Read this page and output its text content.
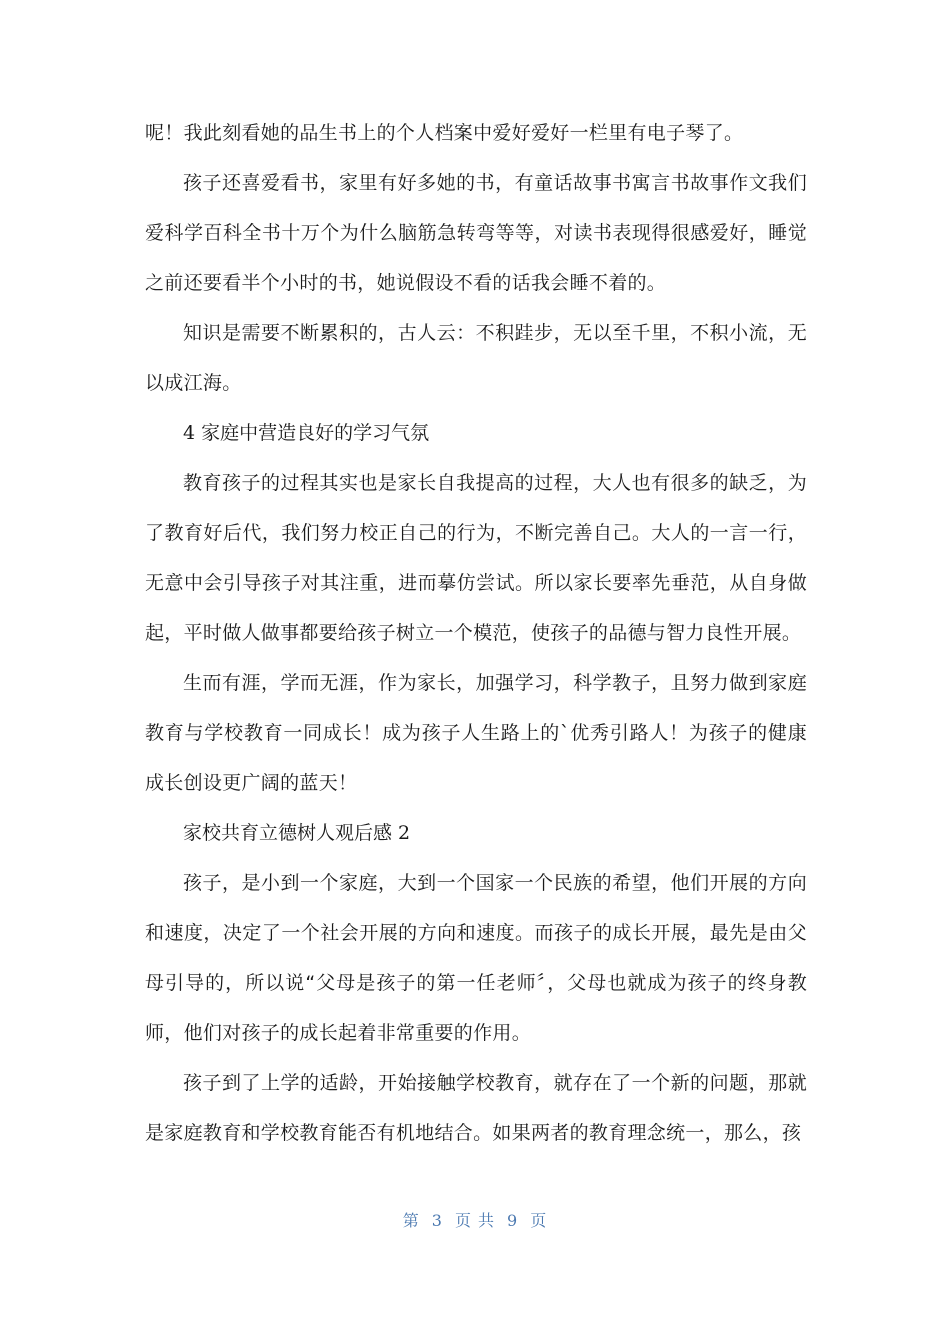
呢！我此刻看她的品生书上的个人档案中爱好爱好一栏里有电子琴了。

孩子还喜爱看书，家里有好多她的书，有童话故事书寓言书故事作文我们爱科学百科全书十万个为什么脑筋急转弯等等，对读书表现得很感爱好，睡觉之前还要看半个小时的书，她说假设不看的话我会睡不着的。

知识是需要不断累积的，古人云：不积跬步，无以至千里，不积小流，无以成江海。

4 家庭中营造良好的学习气氛

教育孩子的过程其实也是家长自我提高的过程，大人也有很多的缺乏，为了教育好后代，我们努力校正自己的行为，不断完善自己。大人的一言一行，无意中会引导孩子对其注重，进而摹仿尝试。所以家长要率先垂范，从自身做起，平时做人做事都要给孩子树立一个模范，使孩子的品德与智力良性开展。

生而有涯，学而无涯，作为家长，加强学习，科学教子，且努力做到家庭教育与学校教育一同成长！成为孩子人生路上的`优秀引路人！为孩子的健康成长创设更广阔的蓝天！

家校共育立德树人观后感 2

孩子，是小到一个家庭，大到一个国家一个民族的希望，他们开展的方向和速度，决定了一个社会开展的方向和速度。而孩子的成长开展，最先是由父母引导的，所以说“父母是孩子的第一任老师〞，父母也就成为孩子的终身教师，他们对孩子的成长起着非常重要的作用。

孩子到了上学的适龄，开始接触学校教育，就存在了一个新的问题，那就是家庭教育和学校教育能否有机地结合。如果两者的教育理念统一，那么，孩

第 3 页 共 9 页
